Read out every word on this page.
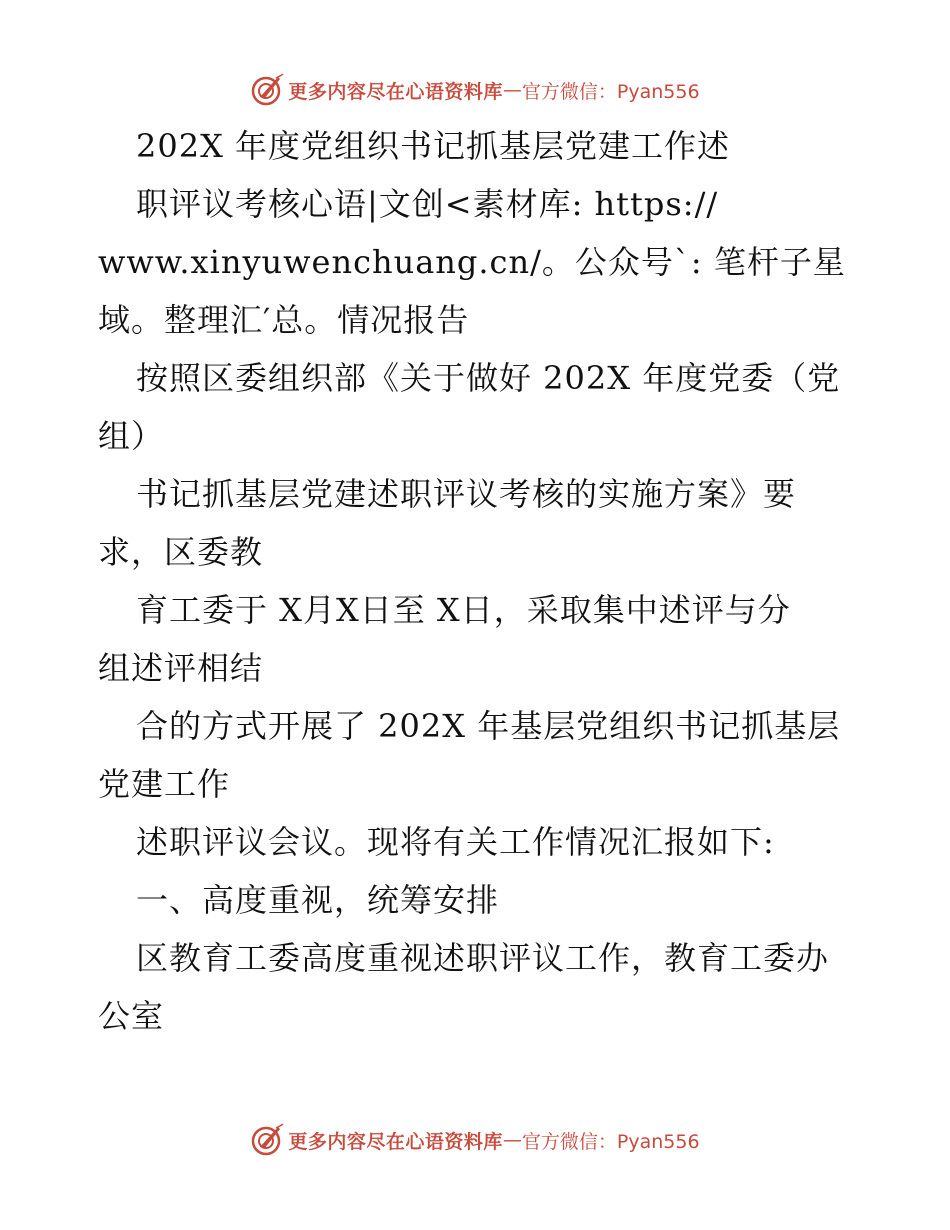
更多内容尽在心语资料库 — 官方微信：Pyan556
202X 年度党组织书记抓基层党建工作述
职评议考核心语|文创<素材库: https://
www.xinyuwenchuang.cn/。公众号`: 笔杆子星
域。整理汇′总。情况报告
按照区委组织部《关于做好 202X 年度党委（党
组）
书记抓基层党建述职评议考核的实施方案》要
求，区委教
育工委于 X月X日至 X日，采取集中述评与分
组述评相结
合的方式开展了 202X 年基层党组织书记抓基层
党建工作
述职评议会议。现将有关工作情况汇报如下:
一、高度重视，统筹安排
区教育工委高度重视述职评议工作，教育工委办
公室
更多内容尽在心语资料库 — 官方微信：Pyan556
